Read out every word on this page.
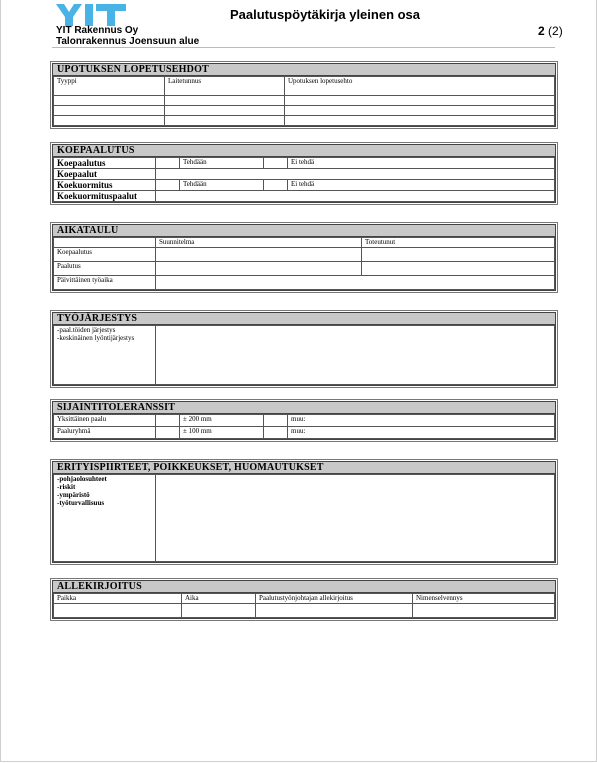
YIT Rakennus Oy
Talonrakennus Joensuun alue
Paalutuspöytäkirja yleinen osa
2 (2)
UPOTUKSEN LOPETUSEHDOT
Tyyppi	Laitetunnus	Upotuksen lopetusehto

KOEPAALUTUS
Koepaalutus		Tehdään		Ei tehdä
Koepaalut				
Koekuormitus		Tehdään		Ei tehdä
Koekuormituspaalut				
AIKATAULU
	Suunnitelma	Toteutunut
Koepaalutus		
Paalutus		
Päivittäinen työaika		
TYÖJÄRJESTYS
-paal.töiden järjestys
-keskinäinen lyöntijärjestys

SIJAINTITOLERANSSIT
Yksittäinen paalu		± 200 mm		muu:
Paaluryhmä		± 100 mm		muu:
ERITYISPIIRTEET, POIKKEUKSET, HUOMAUTUKSET
-pohjaolosuhteet
-riskit
-ympäristö
-työturvallisuus

ALLEKIRJOITUS
Paikka	Aika	Paalutustyönjohtajan allekirjoitus	Nimenselvennys
